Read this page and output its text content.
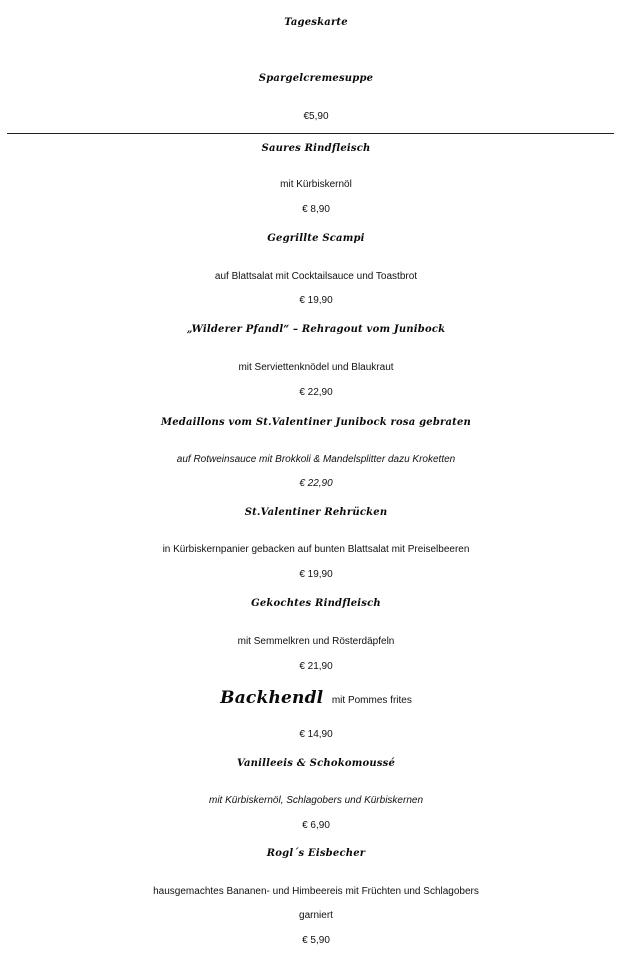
Tageskarte
Spargelcremesuppe
€5,90
Saures Rindfleisch
mit Kürbiskernöl
€ 8,90
Gegrillte Scampi
auf Blattsalat mit Cocktailsauce und Toastbrot
€ 19,90
„Wilderer Pfandl“ – Rehragout vom Junibock
mit Serviettenknödel und Blaukraut
€ 22,90
Medaillons vom St.Valentiner Junibock rosa gebraten
auf Rotweinsauce mit Brokkoli & Mandelsplitter dazu Kroketten
€ 22,90
St.Valentiner Rehrücken
in Kürbiskernpanier gebacken auf bunten Blattsalat mit Preiselbeeren
€ 19,90
Gekochtes Rindfleisch
mit Semmelkren und Rösterdäpfeln
€ 21,90
Backhendl mit Pommes frites
€ 14,90
Vanilleeis & Schokomoussé
mit Kürbiskernöl, Schlagobers und Kürbiskernen
€ 6,90
Rogl´s Eisbecher
hausgemachtes Bananen- und Himbeereis mit Früchten und Schlagobers
garniert
€ 5,90
